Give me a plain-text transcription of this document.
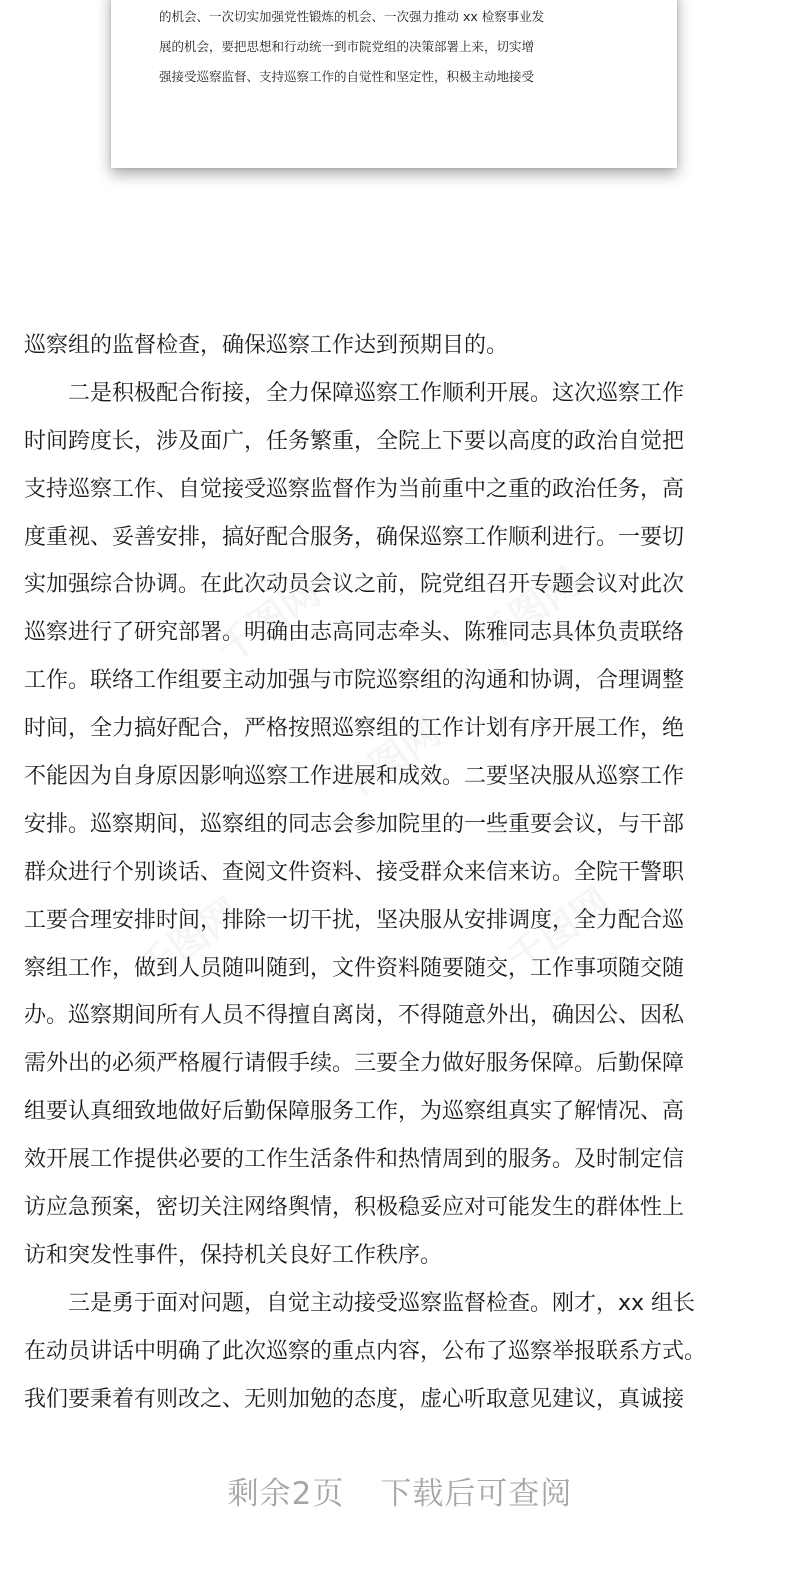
的机会、一次切实加强党性锻炼的机会、一次强力推动 xx 检察事业发
展的机会，要把思想和行动统一到市院党组的决策部署上来，切实增
强接受巡察监督、支持巡察工作的自觉性和坚定性，积极主动地接受
千图网	千图网
千图网
千图网	千图网
巡察组的监督检查，确保巡察工作达到预期目的。
　　二是积极配合衔接，全力保障巡察工作顺利开展。这次巡察工作
时间跨度长，涉及面广，任务繁重，全院上下要以高度的政治自觉把
支持巡察工作、自觉接受巡察监督作为当前重中之重的政治任务，高
度重视、妥善安排，搞好配合服务，确保巡察工作顺利进行。一要切
实加强综合协调。在此次动员会议之前，院党组召开专题会议对此次
巡察进行了研究部署。明确由志高同志牵头、陈雅同志具体负责联络
工作。联络工作组要主动加强与市院巡察组的沟通和协调，合理调整
时间，全力搞好配合，严格按照巡察组的工作计划有序开展工作，绝
不能因为自身原因影响巡察工作进展和成效。二要坚决服从巡察工作
安排。巡察期间，巡察组的同志会参加院里的一些重要会议，与干部
群众进行个别谈话、查阅文件资料、接受群众来信来访。全院干警职
工要合理安排时间，排除一切干扰，坚决服从安排调度，全力配合巡
察组工作，做到人员随叫随到，文件资料随要随交，工作事项随交随
办。巡察期间所有人员不得擅自离岗，不得随意外出，确因公、因私
需外出的必须严格履行请假手续。三要全力做好服务保障。后勤保障
组要认真细致地做好后勤保障服务工作，为巡察组真实了解情况、高
效开展工作提供必要的工作生活条件和热情周到的服务。及时制定信
访应急预案，密切关注网络舆情，积极稳妥应对可能发生的群体性上
访和突发性事件，保持机关良好工作秩序。
　　三是勇于面对问题，自觉主动接受巡察监督检查。刚才，xx 组长
在动员讲话中明确了此次巡察的重点内容，公布了巡察举报联系方式。
我们要秉着有则改之、无则加勉的态度，虚心听取意见建议，真诚接
剩余2页 下载后可查阅
